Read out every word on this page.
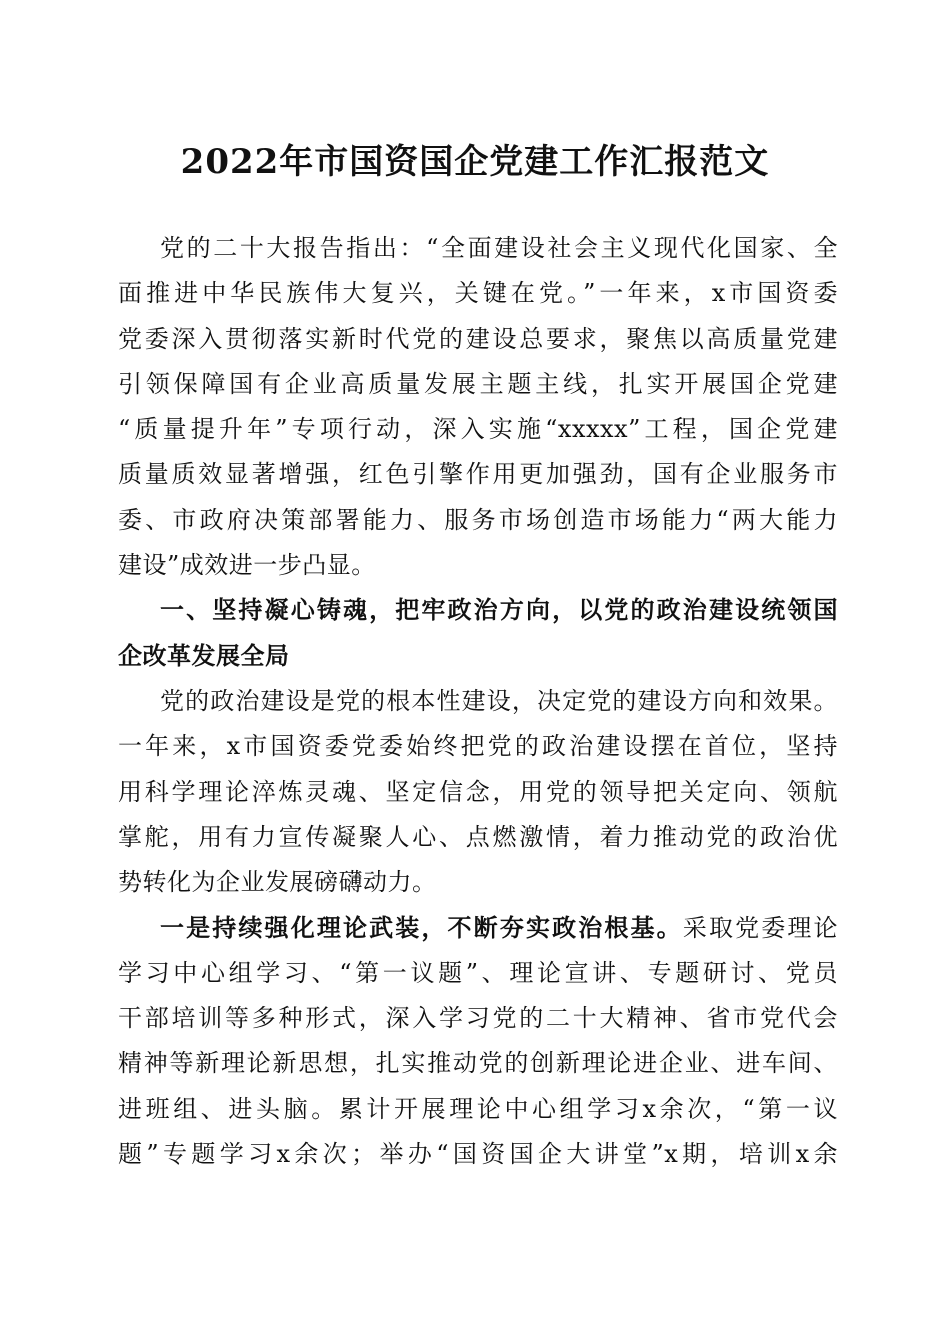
2022年市国资国企党建工作汇报范文
党的二十大报告指出：“全面建设社会主义现代化国家、全
面推进中华民族伟大复兴，关键在党。”一年来，x市国资委
党委深入贯彻落实新时代党的建设总要求，聚焦以高质量党建
引领保障国有企业高质量发展主题主线，扎实开展国企党建
“质量提升年”专项行动，深入实施“xxxxx”工程，国企党建
质量质效显著增强，红色引擎作用更加强劲，国有企业服务市
委、市政府决策部署能力、服务市场创造市场能力“两大能力
建设”成效进一步凸显。
一、坚持凝心铸魂，把牢政治方向，以党的政治建设统领国
企改革发展全局
党的政治建设是党的根本性建设，决定党的建设方向和效果。
一年来，x市国资委党委始终把党的政治建设摆在首位，坚持
用科学理论淬炼灵魂、坚定信念，用党的领导把关定向、领航
掌舵，用有力宣传凝聚人心、点燃激情，着力推动党的政治优
势转化为企业发展磅礴动力。
一是持续强化理论武装，不断夯实政治根基。采取党委理论
学习中心组学习、“第一议题”、理论宣讲、专题研讨、党员
干部培训等多种形式，深入学习党的二十大精神、省市党代会
精神等新理论新思想，扎实推动党的创新理论进企业、进车间、
进班组、进头脑。累计开展理论中心组学习x余次，“第一议
题”专题学习x余次；举办“国资国企大讲堂”x期，培训x余
